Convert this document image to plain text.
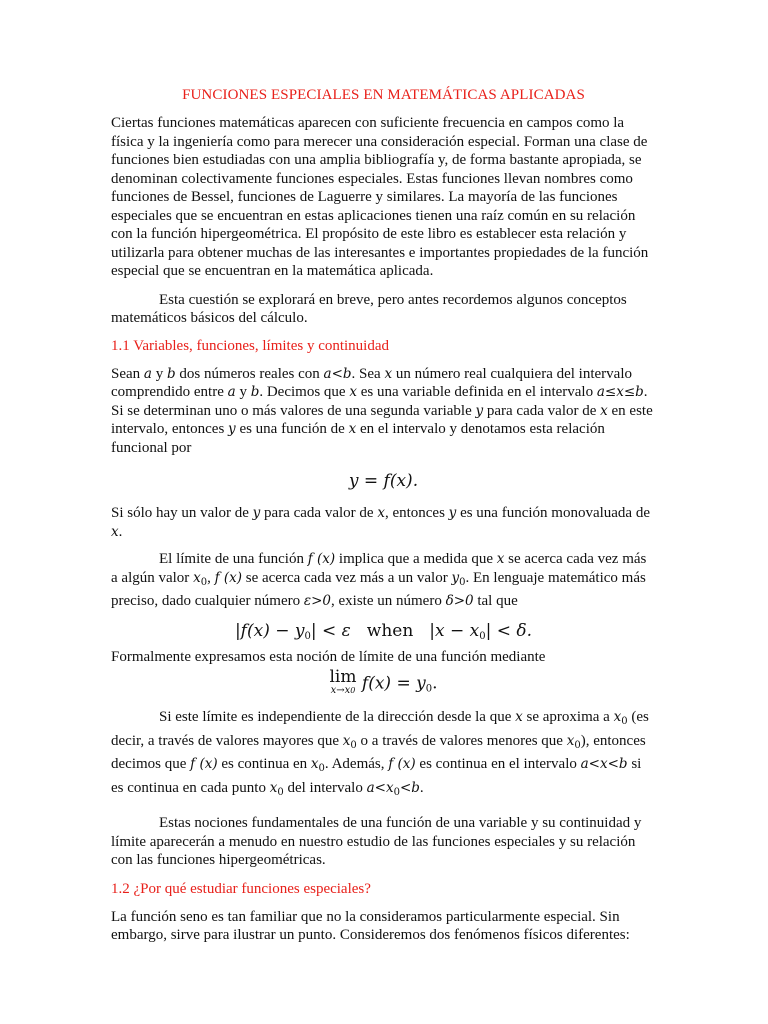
FUNCIONES ESPECIALES EN MATEMÁTICAS APLICADAS

Ciertas funciones matemáticas aparecen con suficiente frecuencia en campos como la física y la ingeniería como para merecer una consideración especial. Forman una clase de funciones bien estudiadas con una amplia bibliografía y, de forma bastante apropiada, se denominan colectivamente funciones especiales. Estas funciones llevan nombres como funciones de Bessel, funciones de Laguerre y similares. La mayoría de las funciones especiales que se encuentran en estas aplicaciones tienen una raíz común en su relación con la función hipergeométrica. El propósito de este libro es establecer esta relación y utilizarla para obtener muchas de las interesantes e importantes propiedades de la función especial que se encuentran en la matemática aplicada.

Esta cuestión se explorará en breve, pero antes recordemos algunos conceptos matemáticos básicos del cálculo.

1.1 Variables, funciones, límites y continuidad

Sean a y b dos números reales con a<b. Sea x un número real cualquiera del intervalo comprendido entre a y b. Decimos que x es una variable definida en el intervalo a≤x≤b. Si se determinan uno o más valores de una segunda variable y para cada valor de x en este intervalo, entonces y es una función de x en el intervalo y denotamos esta relación funcional por

y = f(x).

Si sólo hay un valor de y para cada valor de x, entonces y es una función monovaluada de x.

El límite de una función f (x) implica que a medida que x se acerca cada vez más a algún valor $x_0$, f (x) se acerca cada vez más a un valor $y_0$. En lenguaje matemático más preciso, dado cualquier número ε>0, existe un número δ>0 tal que

$|f(x) - y_0| < \varepsilon$ when $|x - x_0| < \delta$.

Formalmente expresamos esta noción de límite de una función mediante

lim
x→x0 $f(x) = y_0$.

Si este límite es independiente de la dirección desde la que x se aproxima a $x_0$ (es decir, a través de valores mayores que $x_0$ o a través de valores menores que $x_0$), entonces decimos que f (x) es continua en $x_0$. Además, f (x) es continua en el intervalo a<x<b si es continua en cada punto $x_0$ del intervalo $a<x_0<b$.

Estas nociones fundamentales de una función de una variable y su continuidad y límite aparecerán a menudo en nuestro estudio de las funciones especiales y su relación con las funciones hipergeométricas.

1.2 ¿Por qué estudiar funciones especiales?

La función seno es tan familiar que no la consideramos particularmente especial. Sin embargo, sirve para ilustrar un punto. Consideremos dos fenómenos físicos diferentes:
